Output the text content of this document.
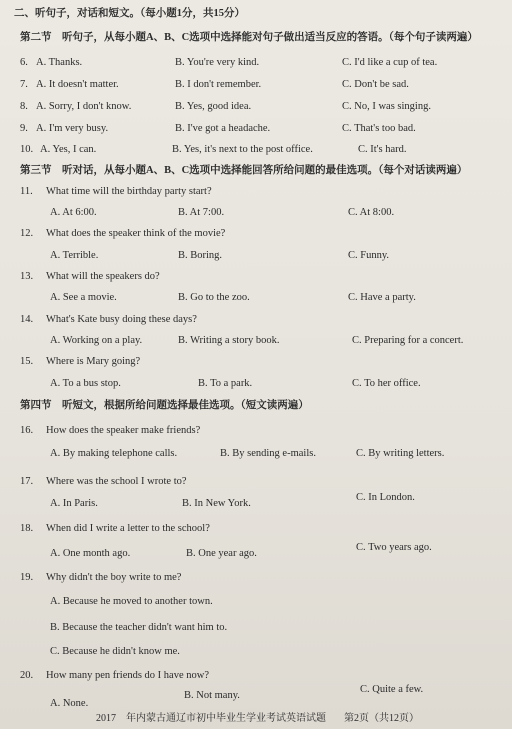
二、听句子，对话和短文。（每小题1分，共15分）
第二节　听句子，从每小题A、B、C选项中选择能对句子做出适当反应的答语。（每个句子读两遍）
6. A. Thanks.	B. You're very kind.	C. I'd like a cup of tea.
7. A. It doesn't matter.	B. I don't remember.	C. Don't be sad.
8. A. Sorry, I don't know.	B. Yes, good idea.	C. No, I was singing.
9. A. I'm very busy.	B. I've got a headache.	C. That's too bad.
10. A. Yes, I can.	B. Yes, it's next to the post office.	C. It's hard.
第三节　听对话，从每小题A、B、C选项中选择能回答所给问题的最佳选项。（每个对话读两遍）
11. What time will the birthday party start?
A. At 6:00.	B. At 7:00.	C. At 8:00.
12. What does the speaker think of the movie?
A. Terrible.	B. Boring.	C. Funny.
13. What will the speakers do?
A. See a movie.	B. Go to the zoo.	C. Have a party.
14. What's Kate busy doing these days?
A. Working on a play.	B. Writing a story book.	C. Preparing for a concert.
15. Where is Mary going?
A. To a bus stop.	B. To a park.	C. To her office.
第四节　听短文，根据所给问题选择最佳选项。（短文读两遍）
16. How does the speaker make friends?
A. By making telephone calls.	B. By sending e-mails.	C. By writing letters.
17. Where was the school I wrote to?
A. In Paris.	B. In New York.
C. In London.
18. When did I write a letter to the school?
A. One month ago.	B. One year ago.
C. Two years ago.
19. Why didn't the boy write to me?
A. Because he moved to another town.
B. Because the teacher didn't want him to.
C. Because he didn't know me.
20. How many pen friends do I have now?
A. None.
B. Not many.
C. Quite a few.
2017　年内蒙古通辽市初中毕业生学业考试英语试题 第2页（共12页）
